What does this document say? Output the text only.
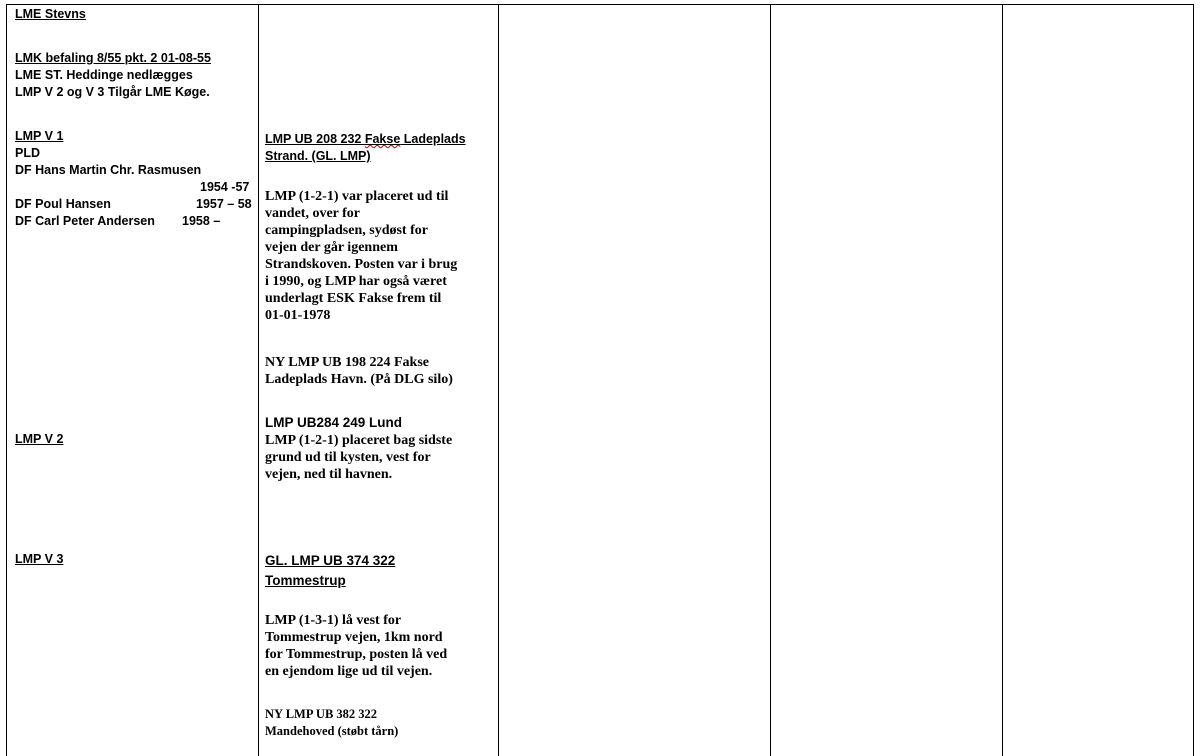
LME Stevns
LMK befaling 8/55 pkt. 2 01-08-55
LME ST. Heddinge nedlægges
LMP V 2 og V 3 Tilgår LME Køge.
LMP V 1
PLD
DF Hans Martin Chr. Rasmusen
1954 -57
DF Poul Hansen	1957 – 58
DF Carl Peter Andersen 1958 –
LMP V 2
LMP V 3
LMP UB 208 232 Fakse Ladeplads
Strand. (GL. LMP)
LMP (1-2-1) var placeret ud til
vandet, over for
campingpladsen, sydøst for
vejen der går igennem
Strandskoven. Posten var i brug
i 1990, og LMP har også været
underlagt ESK Fakse frem til
01-01-1978
NY LMP UB 198 224 Fakse
Ladeplads Havn. (På DLG silo)
LMP UB284 249 Lund
LMP (1-2-1) placeret bag sidste
grund ud til kysten, vest for
vejen, ned til havnen.
GL. LMP UB 374 322
Tommestrup
LMP (1-3-1) lå vest for
Tommestrup vejen, 1km nord
for Tommestrup, posten lå ved
en ejendom lige ud til vejen.
NY LMP UB 382 322
Mandehoved (støbt tårn)
